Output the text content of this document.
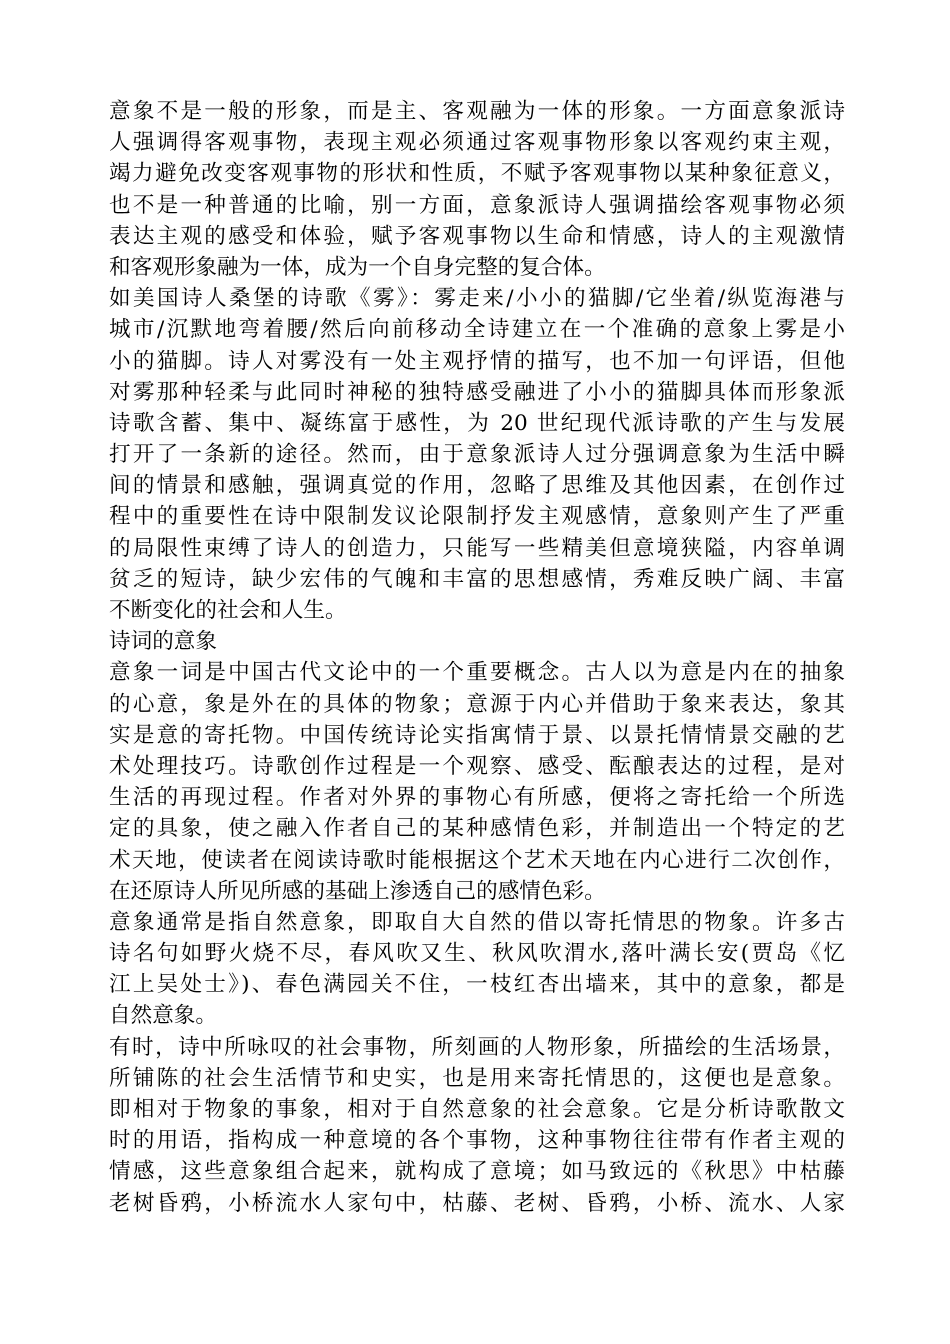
意象不是一般的形象，而是主、客观融为一体的形象。一方面意象派诗
人强调得客观事物，表现主观必须通过客观事物形象以客观约束主观，
竭力避免改变客观事物的形状和性质，不赋予客观事物以某种象征意义，
也不是一种普通的比喻，别一方面，意象派诗人强调描绘客观事物必须
表达主观的感受和体验，赋予客观事物以生命和情感，诗人的主观激情
和客观形象融为一体，成为一个自身完整的复合体。
如美国诗人桑堡的诗歌《雾》：雾走来/小小的猫脚/它坐着/纵览海港与
城市/沉默地弯着腰/然后向前移动全诗建立在一个准确的意象上雾是小
小的猫脚。诗人对雾没有一处主观抒情的描写，也不加一句评语，但他
对雾那种轻柔与此同时神秘的独特感受融进了小小的猫脚具体而形象派
诗歌含蓄、集中、凝练富于感性，为 20 世纪现代派诗歌的产生与发展
打开了一条新的途径。然而，由于意象派诗人过分强调意象为生活中瞬
间的情景和感触，强调真觉的作用，忽略了思维及其他因素，在创作过
程中的重要性在诗中限制发议论限制抒发主观感情，意象则产生了严重
的局限性束缚了诗人的创造力，只能写一些精美但意境狭隘，内容单调
贫乏的短诗，缺少宏伟的气魄和丰富的思想感情，秀难反映广阔、丰富
不断变化的社会和人生。
诗词的意象
意象一词是中国古代文论中的一个重要概念。古人以为意是内在的抽象
的心意，象是外在的具体的物象；意源于内心并借助于象来表达，象其
实是意的寄托物。中国传统诗论实指寓情于景、以景托情情景交融的艺
术处理技巧。诗歌创作过程是一个观察、感受、酝酿表达的过程，是对
生活的再现过程。作者对外界的事物心有所感，便将之寄托给一个所选
定的具象，使之融入作者自己的某种感情色彩，并制造出一个特定的艺
术天地，使读者在阅读诗歌时能根据这个艺术天地在内心进行二次创作，
在还原诗人所见所感的基础上渗透自己的感情色彩。
意象通常是指自然意象，即取自大自然的借以寄托情思的物象。许多古
诗名句如野火烧不尽，春风吹又生、秋风吹渭水,落叶满长安(贾岛《忆
江上吴处士》)、春色满园关不住，一枝红杏出墙来，其中的意象，都是
自然意象。
有时，诗中所咏叹的社会事物，所刻画的人物形象，所描绘的生活场景，
所铺陈的社会生活情节和史实，也是用来寄托情思的，这便也是意象。
即相对于物象的事象，相对于自然意象的社会意象。它是分析诗歌散文
时的用语，指构成一种意境的各个事物，这种事物往往带有作者主观的
情感，这些意象组合起来，就构成了意境；如马致远的《秋思》中枯藤
老树昏鸦，小桥流水人家句中，枯藤、老树、昏鸦，小桥、流水、人家
